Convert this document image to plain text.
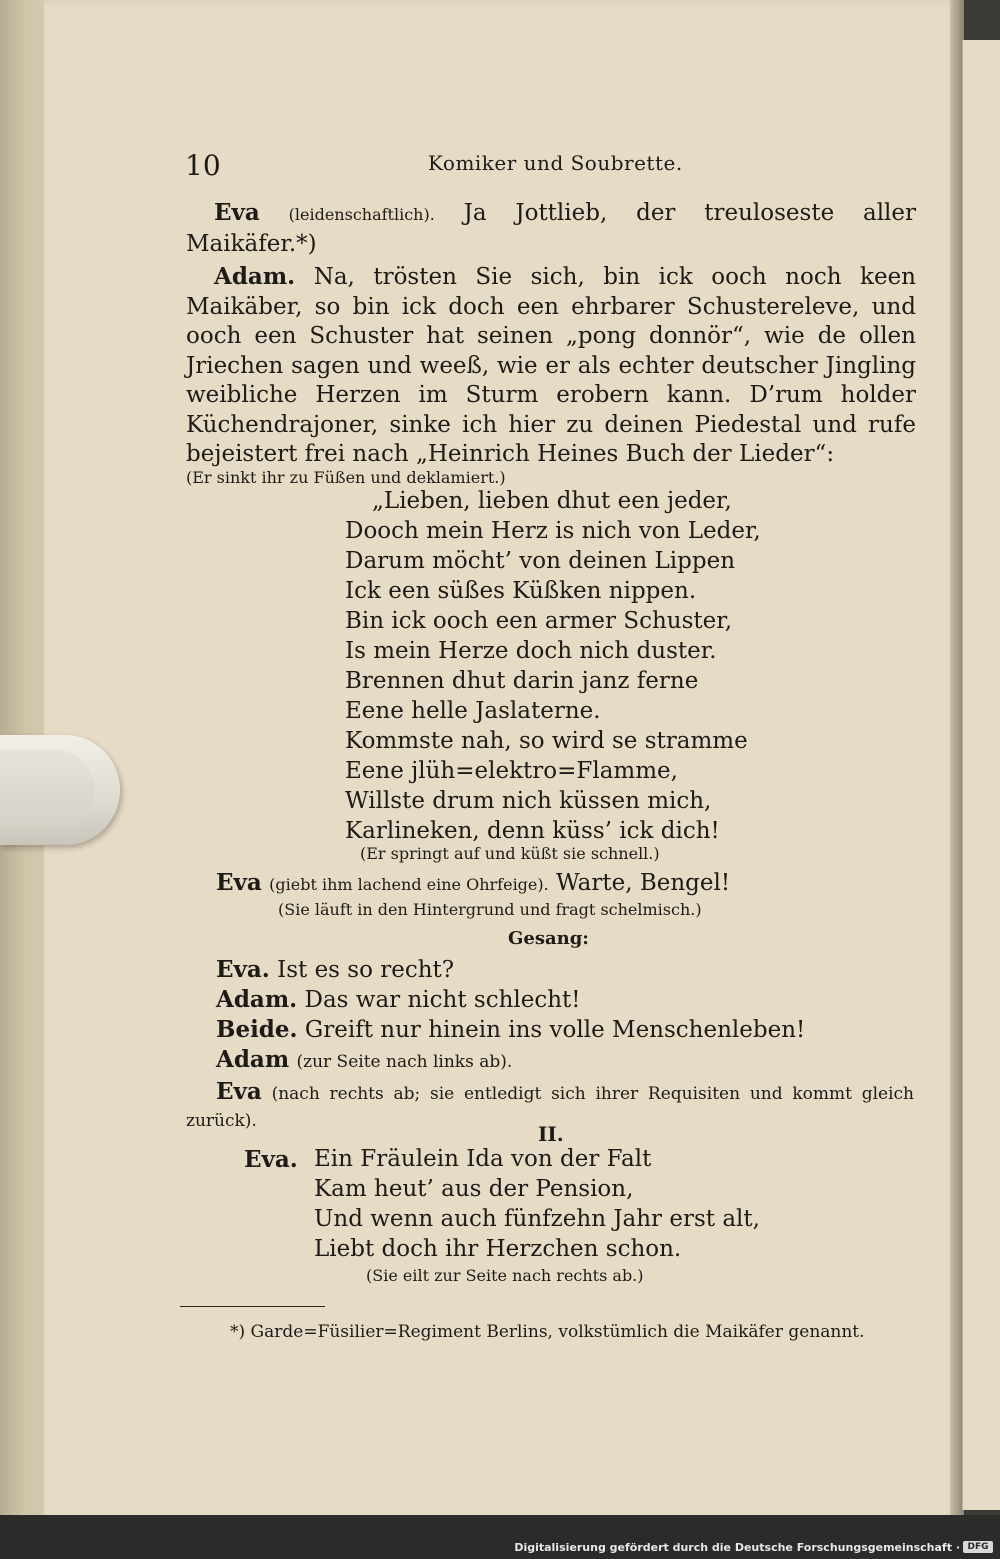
10	Komiker und Soubrette.

Eva (leidenschaftlich). Ja Jottlieb, der treuloseste aller Maikäfer.*)

Adam. Na, trösten Sie sich, bin ick ooch noch keen Maikäber, so bin ick doch een ehrbarer Schustereleve, und ooch een Schuster hat seinen „pong donnör“, wie de ollen Jriechen sagen und weeß, wie er als echter deutscher Jingling weibliche Herzen im Sturm erobern kann. D’rum holder Küchendrajoner, sinke ich hier zu deinen Piedestal und rufe bejeistert frei nach „Heinrich Heines Buch der Lieder“:

(Er sinkt ihr zu Füßen und deklamiert.)

„Lieben, lieben dhut een jeder,

Dooch mein Herz is nich von Leder,

Darum möcht’ von deinen Lippen

Ick een süßes Küßken nippen.

Bin ick ooch een armer Schuster,

Is mein Herze doch nich duster.

Brennen dhut darin janz ferne

Eene helle Jaslaterne.

Kommste nah, so wird se stramme

Eene jlüh=elektro=Flamme,

Willste drum nich küssen mich,

Karlineken, denn küss’ ick dich!

(Er springt auf und küßt sie schnell.)

Eva (giebt ihm lachend eine Ohrfeige). Warte, Bengel!

(Sie läuft in den Hintergrund und fragt schelmisch.)

Gesang:

Eva. Ist es so recht?

Adam. Das war nicht schlecht!

Beide. Greift nur hinein ins volle Menschenleben!

Adam (zur Seite nach links ab).

Eva (nach rechts ab; sie entledigt sich ihrer Requisiten und kommt gleich zurück).

II.

Eva. Ein Fräulein Ida von der Falt

Kam heut’ aus der Pension,

Und wenn auch fünfzehn Jahr erst alt,

Liebt doch ihr Herzchen schon.

(Sie eilt zur Seite nach rechts ab.)

*) Garde=Füsilier=Regiment Berlins, volkstümlich die Maikäfer genannt.

Digitalisierung gefördert durch die Deutsche Forschungsgemeinschaft · DFG
